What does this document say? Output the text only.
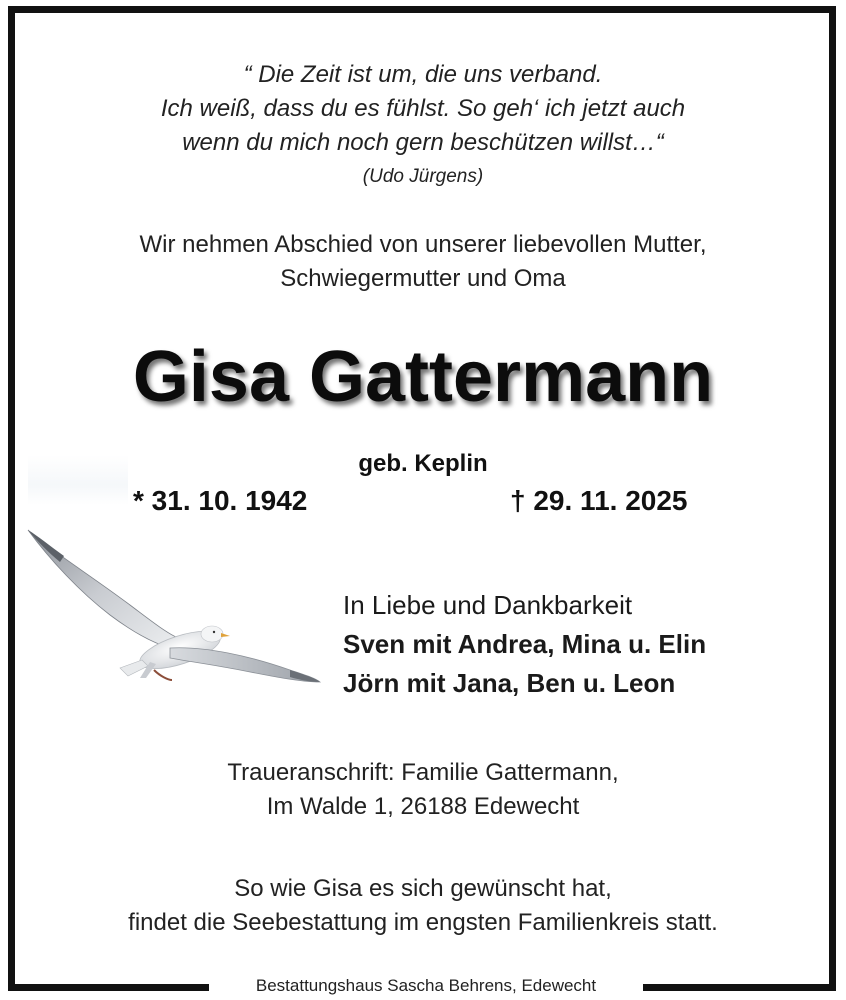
“ Die Zeit ist um, die uns verband.
Ich weiß, dass du es fühlst. So geh‘ ich jetzt auch
wenn du mich noch gern beschützen willst…“
(Udo Jürgens)
Wir nehmen Abschied von unserer liebevollen Mutter,
Schwiegermutter und Oma
Gisa Gattermann
geb. Keplin
* 31. 10. 1942	† 29. 11. 2025
In Liebe und Dankbarkeit
Sven mit Andrea, Mina u. Elin
Jörn mit Jana, Ben u. Leon
Traueranschrift: Familie Gattermann,
Im Walde 1, 26188 Edewecht
So wie Gisa es sich gewünscht hat,
findet die Seebestattung im engsten Familienkreis statt.
Bestattungshaus Sascha Behrens, Edewecht
